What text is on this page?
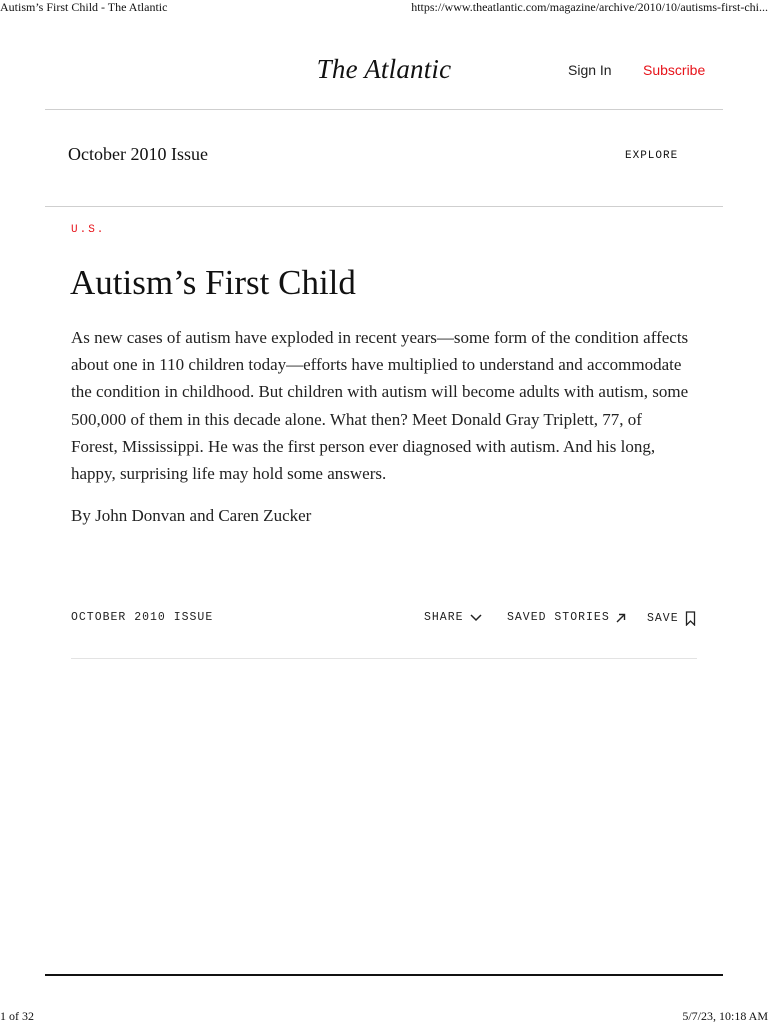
Autism’s First Child - The Atlantic	https://www.theatlantic.com/magazine/archive/2010/10/autisms-first-chi...
The Atlantic	Sign In Subscribe
October 2010 Issue	EXPLORE
U.S.
Autism’s First Child

As new cases of autism have exploded in recent years—some form of the condition affects about one in 110 children today—efforts have multiplied to understand and accommodate the condition in childhood. But children with autism will become adults with autism, some 500,000 of them in this decade alone. What then? Meet Donald Gray Triplett, 77, of Forest, Mississippi. He was the first person ever diagnosed with autism. And his long, happy, surprising life may hold some answers.

By John Donvan and Caren Zucker
OCTOBER 2010 ISSUE	SHARE	SAVED STORIES	SAVE
1 of 32	5/7/23, 10:18 AM
